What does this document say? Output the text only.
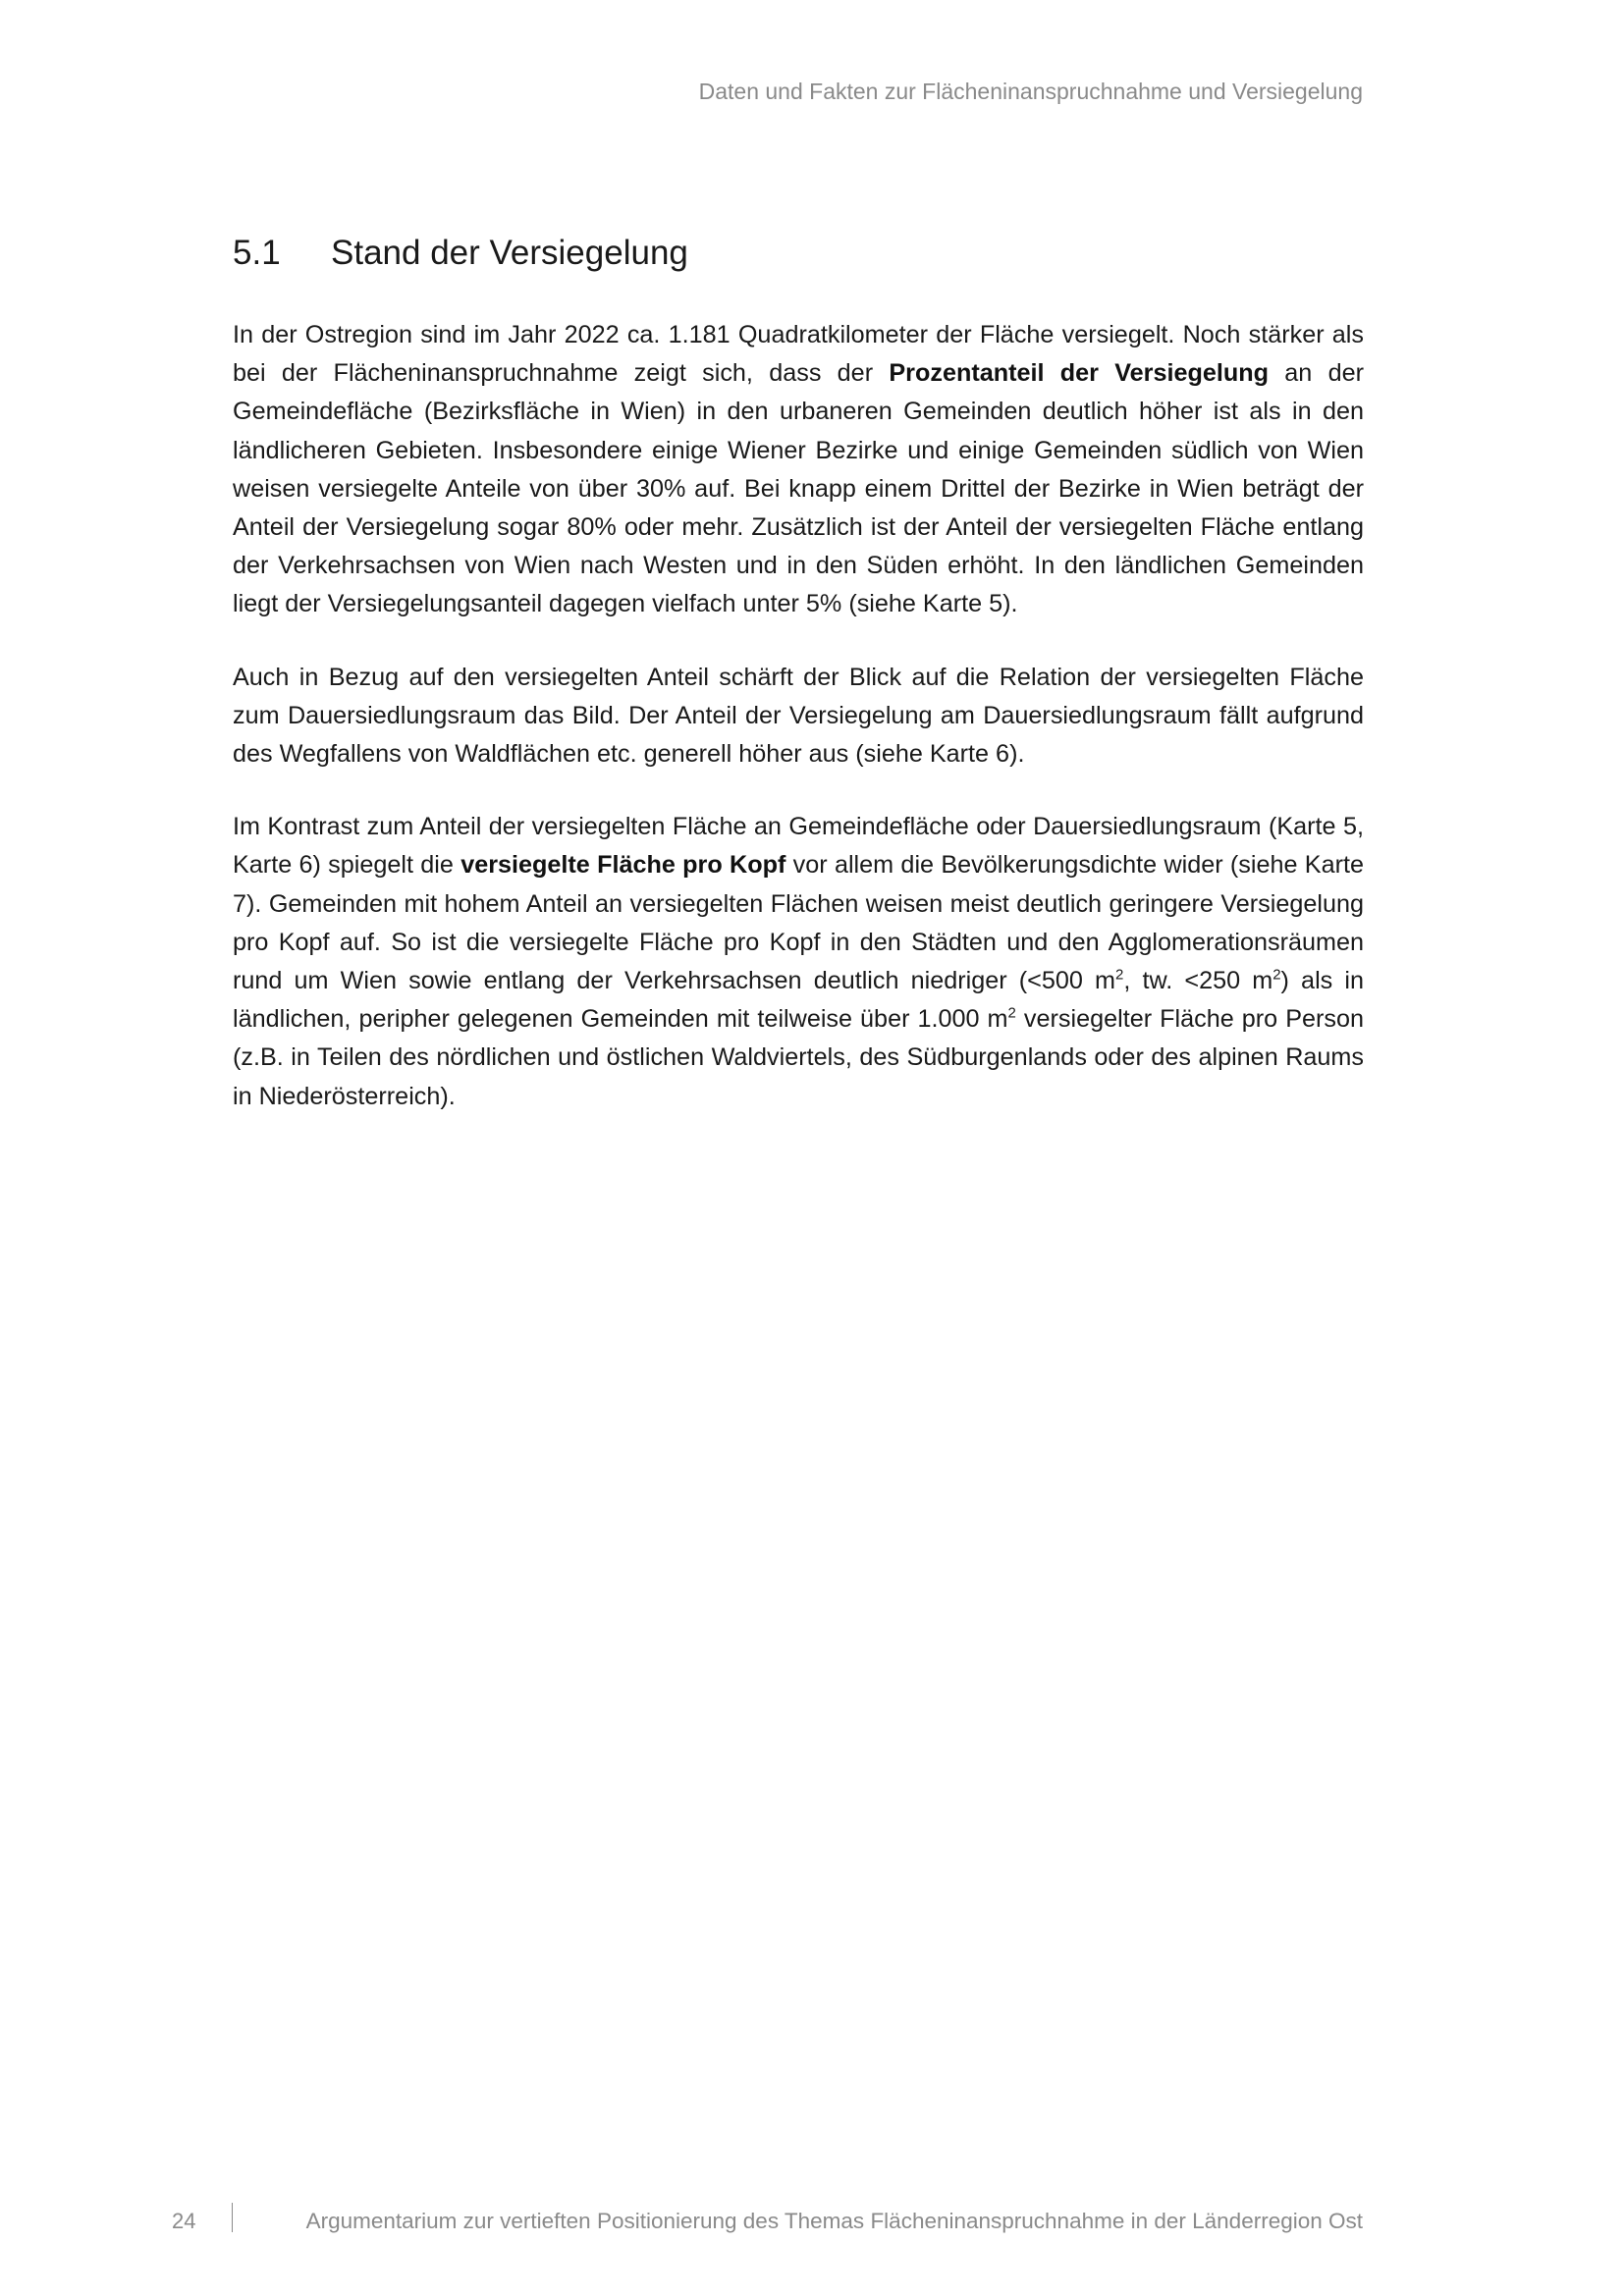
Daten und Fakten zur Flächeninanspruchnahme und Versiegelung
5.1 Stand der Versiegelung

In der Ostregion sind im Jahr 2022 ca. 1.181 Quadratkilometer der Fläche versiegelt. Noch stärker als bei der Flächeninanspruchnahme zeigt sich, dass der Prozentanteil der Versiegelung an der Gemeindefläche (Bezirksfläche in Wien) in den urbaneren Gemeinden deutlich höher ist als in den ländlicheren Gebieten. Insbesondere einige Wiener Bezirke und einige Gemeinden südlich von Wien weisen versiegelte Anteile von über 30% auf. Bei knapp einem Drittel der Bezirke in Wien beträgt der Anteil der Versiegelung sogar 80% oder mehr. Zusätzlich ist der Anteil der versiegelten Fläche entlang der Verkehrsachsen von Wien nach Westen und in den Süden erhöht. In den ländlichen Gemeinden liegt der Versiegelungsanteil dagegen vielfach unter 5% (siehe Karte 5).

Auch in Bezug auf den versiegelten Anteil schärft der Blick auf die Relation der versiegelten Fläche zum Dauersiedlungsraum das Bild. Der Anteil der Versiegelung am Dauersiedlungsraum fällt aufgrund des Wegfallens von Waldflächen etc. generell höher aus (siehe Karte 6).

Im Kontrast zum Anteil der versiegelten Fläche an Gemeindefläche oder Dauersiedlungsraum (Karte 5, Karte 6) spiegelt die versiegelte Fläche pro Kopf vor allem die Bevölkerungsdichte wider (siehe Karte 7). Gemeinden mit hohem Anteil an versiegelten Flächen weisen meist deutlich geringere Versiegelung pro Kopf auf. So ist die versiegelte Fläche pro Kopf in den Städten und den Agglomerationsräumen rund um Wien sowie entlang der Verkehrsachsen deutlich niedriger (<500 $m^2$, tw. <250 $m^2$) als in ländlichen, peripher gelegenen Gemeinden mit teilweise über 1.000 $m^2$ versiegelter Fläche pro Person (z.B. in Teilen des nördlichen und östlichen Waldviertels, des Südburgenlands oder des alpinen Raums in Niederösterreich).

24	Argumentarium zur vertieften Positionierung des Themas Flächeninanspruchnahme in der Länderregion Ost
